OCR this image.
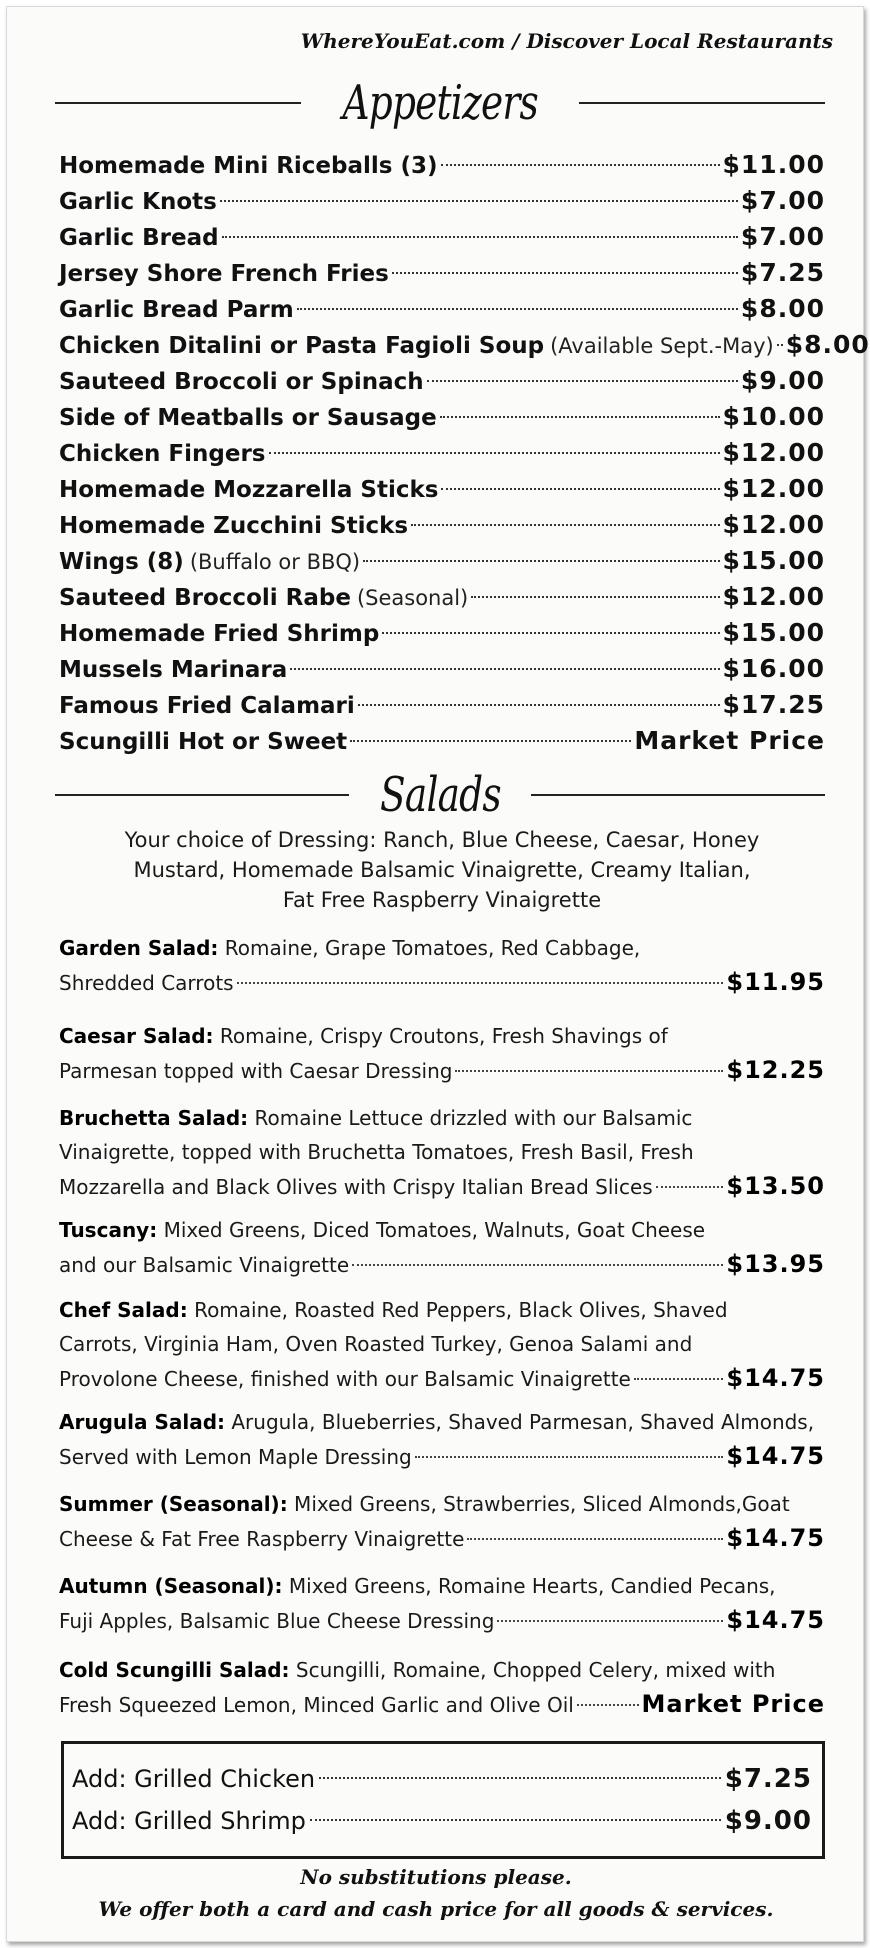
WhereYouEat.com / Discover Local Restaurants
Appetizers
Homemade Mini Riceballs (3)	$11.00
Garlic Knots	$7.00
Garlic Bread	$7.00
Jersey Shore French Fries	$7.25
Garlic Bread Parm	$8.00
Chicken Ditalini or Pasta Fagioli Soup (Available Sept.-May) $8.00
Sauteed Broccoli or Spinach	$9.00
Side of Meatballs or Sausage	$10.00
Chicken Fingers	$12.00
Homemade Mozzarella Sticks	$12.00
Homemade Zucchini Sticks	$12.00
Wings (8) (Buffalo or BBQ)	$15.00
Sauteed Broccoli Rabe (Seasonal)	$12.00
Homemade Fried Shrimp	$15.00
Mussels Marinara	$16.00
Famous Fried Calamari	$17.25
Scungilli Hot or Sweet	Market Price
Salads
Your choice of Dressing: Ranch, Blue Cheese, Caesar, Honey
Mustard, Homemade Balsamic Vinaigrette, Creamy Italian,
Fat Free Raspberry Vinaigrette
Garden Salad: Romaine, Grape Tomatoes, Red Cabbage,
Shredded Carrots	$11.95
Caesar Salad: Romaine, Crispy Croutons, Fresh Shavings of
Parmesan topped with Caesar Dressing	$12.25
Bruchetta Salad: Romaine Lettuce drizzled with our Balsamic
Vinaigrette, topped with Bruchetta Tomatoes, Fresh Basil, Fresh
Mozzarella and Black Olives with Crispy Italian Bread Slices	$13.50
Tuscany: Mixed Greens, Diced Tomatoes, Walnuts, Goat Cheese
and our Balsamic Vinaigrette	$13.95
Chef Salad: Romaine, Roasted Red Peppers, Black Olives, Shaved
Carrots, Virginia Ham, Oven Roasted Turkey, Genoa Salami and
Provolone Cheese, finished with our Balsamic Vinaigrette	$14.75
Arugula Salad: Arugula, Blueberries, Shaved Parmesan, Shaved Almonds,
Served with Lemon Maple Dressing	$14.75
Summer (Seasonal): Mixed Greens, Strawberries, Sliced Almonds,Goat
Cheese & Fat Free Raspberry Vinaigrette	$14.75
Autumn (Seasonal): Mixed Greens, Romaine Hearts, Candied Pecans,
Fuji Apples, Balsamic Blue Cheese Dressing	$14.75
Cold Scungilli Salad: Scungilli, Romaine, Chopped Celery, mixed with
Fresh Squeezed Lemon, Minced Garlic and Olive Oil	Market Price
Add: Grilled Chicken	$7.25
Add: Grilled Shrimp	$9.00
No substitutions please.
We offer both a card and cash price for all goods & services.
